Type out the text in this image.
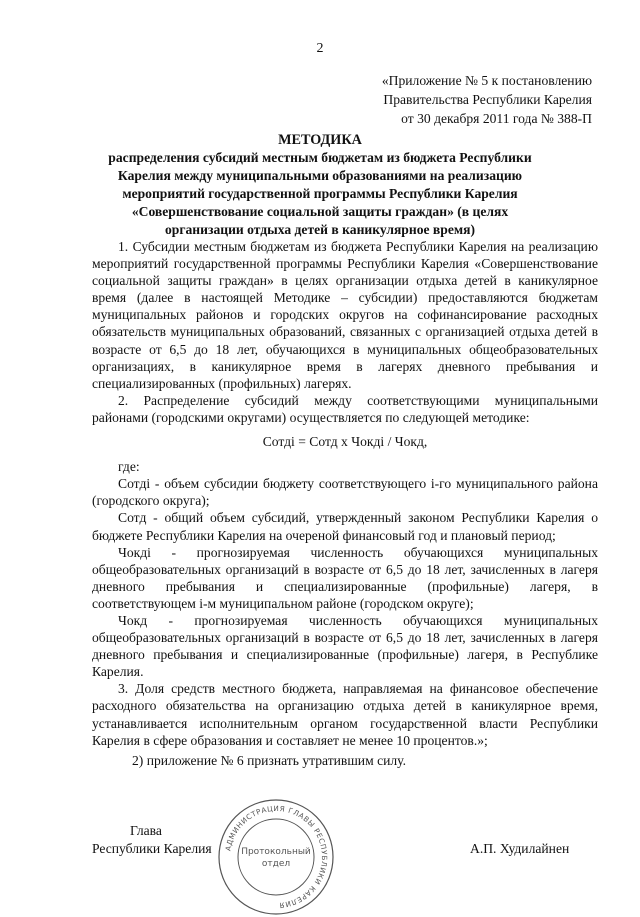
2
«Приложение № 5 к постановлению
Правительства Республики Карелия
от 30 декабря 2011 года № 388-П
МЕТОДИКА
распределения субсидий местным бюджетам из бюджета Республики
Карелия между муниципальными образованиями на реализацию
мероприятий государственной программы Республики Карелия
«Совершенствование социальной защиты граждан» (в целях
организации отдыха детей в каникулярное время)

1. Субсидии местным бюджетам из бюджета Республики Карелия на реализацию мероприятий государственной программы Республики Карелия «Совершенствование социальной защиты граждан» в целях организации отдыха детей в каникулярное время (далее в настоящей Методике – субсидии) предоставляются бюджетам муниципальных районов и городских округов на софинансирование расходных обязательств муниципальных образований, связанных с организацией отдыха детей в возрасте от 6,5 до 18 лет, обучающихся в муниципальных общеобразовательных организациях, в каникулярное время в лагерях дневного пребывания и специализированных (профильных) лагерях.

2. Распределение субсидий между соответствующими муниципальными районами (городскими округами) осуществляется по следующей методике:

Сотдi = Сотд х Чокдi / Чокд,

где:

Сотдi - объем субсидии бюджету соответствующего i-го муниципального района (городского округа);

Сотд - общий объем субсидий, утвержденный законом Республики Карелия о бюджете Республики Карелия на очереной финансовый год и плановый период;

Чокдi - прогнозируемая численность обучающихся муниципальных общеобразовательных организаций в возрасте от 6,5 до 18 лет, зачисленных в лагеря дневного пребывания и специализированные (профильные) лагеря, в соответствующем i-м муниципальном районе (городском округе);

Чокд - прогнозируемая численность обучающихся муниципальных общеобразовательных организаций в возрасте от 6,5 до 18 лет, зачисленных в лагеря дневного пребывания и специализированные (профильные) лагеря, в Республике Карелия.

3. Доля средств местного бюджета, направляемая на финансовое обеспечение расходного обязательства на организацию отдыха детей в каникулярное время, устанавливается исполнительным органом государственной власти Республики Карелия в сфере образования и составляет не менее 10 процентов.»;

2) приложение № 6 признать утратившим силу.

Глава
Республики Карелия	А.П. Худилайнен
АДМИНИСТРАЦИЯ ГЛАВЫ РЕСПУБЛИКИ КАРЕЛИЯ
Протокольный
отдел
